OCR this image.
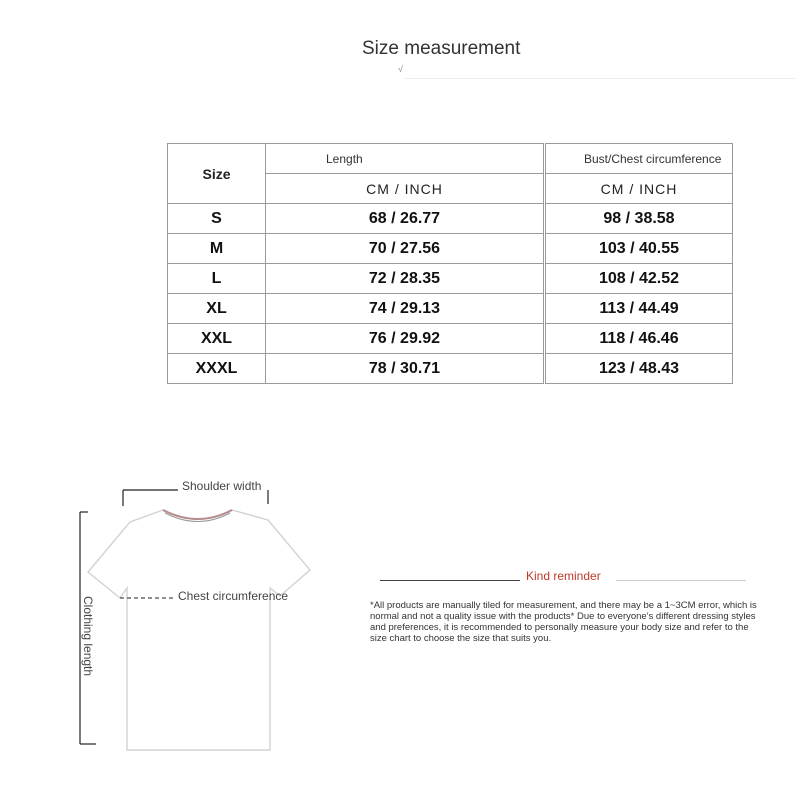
Size measurement
√
Size	Length	Bust/Chest circumference
	CM / INCH	CM / INCH
S	68 / 26.77	98 / 38.58
M	70 / 27.56	103 / 40.55
L	72 / 28.35	108 / 42.52
XL	74 / 29.13	113 / 44.49
XXL	76 / 29.92	118 / 46.46
XXXL	78 / 30.71	123 / 48.43
Shoulder width
Chest circumference
Clothing length
Kind reminder
*All products are manually tiled for measurement, and there may be a 1~3CM error, which is normal and not a quality issue with the products* Due to everyone's different dressing styles and preferences, it is recommended to personally measure your body size and refer to the size chart to choose the size that suits you.
